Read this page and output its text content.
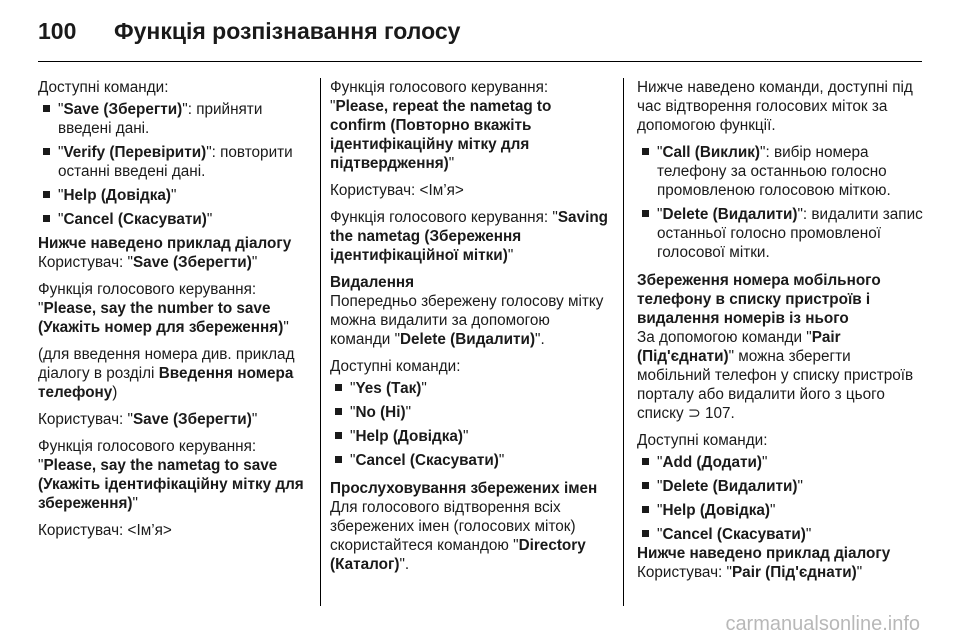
100 Функція розпізнавання голосу

Доступні команди:

"Save (Зберегти)": прийняти введені дані.
"Verify (Перевірити)": повторити останні введені дані.
"Help (Довідка)"
"Cancel (Скасувати)"

Нижче наведено приклад діалогу

Користувач: "Save (Зберегти)"

Функція голосового керування: "Please, say the number to save (Укажіть номер для збереження)"

(для введення номера див. приклад діалогу в розділі Введення номера телефону)

Користувач: "Save (Зберегти)"

Функція голосового керування: "Please, say the nametag to save (Укажіть ідентифікаційну мітку для збереження)"

Користувач: <Ім’я>

Функція голосового керування: "Please, repeat the nametag to confirm (Повторно вкажіть ідентифікаційну мітку для підтвердження)"

Користувач: <Ім’я>

Функція голосового керування: "Saving the nametag (Збереження ідентифікаційної мітки)"

Видалення

Попередньо збережену голосову мітку можна видалити за допомогою команди "Delete (Видалити)".

Доступні команди:

"Yes (Так)"
"No (Ні)"
"Help (Довідка)"
"Cancel (Скасувати)"

Прослуховування збережених імен

Для голосового відтворення всіх збережених імен (голосових міток) скористайтеся командою "Directory (Каталог)".

Нижче наведено команди, доступні під час відтворення голосових міток за допомогою функції.

"Call (Виклик)": вибір номера телефону за останньою голосно промовленою голосовою міткою.
"Delete (Видалити)": видалити запис останньої голосно промовленої голосової мітки.

Збереження номера мобільного телефону в списку пристроїв і видалення номерів із нього

За допомогою команди "Pair (Під'єднати)" можна зберегти мобільний телефон у списку пристроїв порталу або видалити його з цього списку ⊃ 107.

Доступні команди:

"Add (Додати)"
"Delete (Видалити)"
"Help (Довідка)"
"Cancel (Скасувати)"

Нижче наведено приклад діалогу

Користувач: "Pair (Під'єднати)"

carmanualsonline.info
